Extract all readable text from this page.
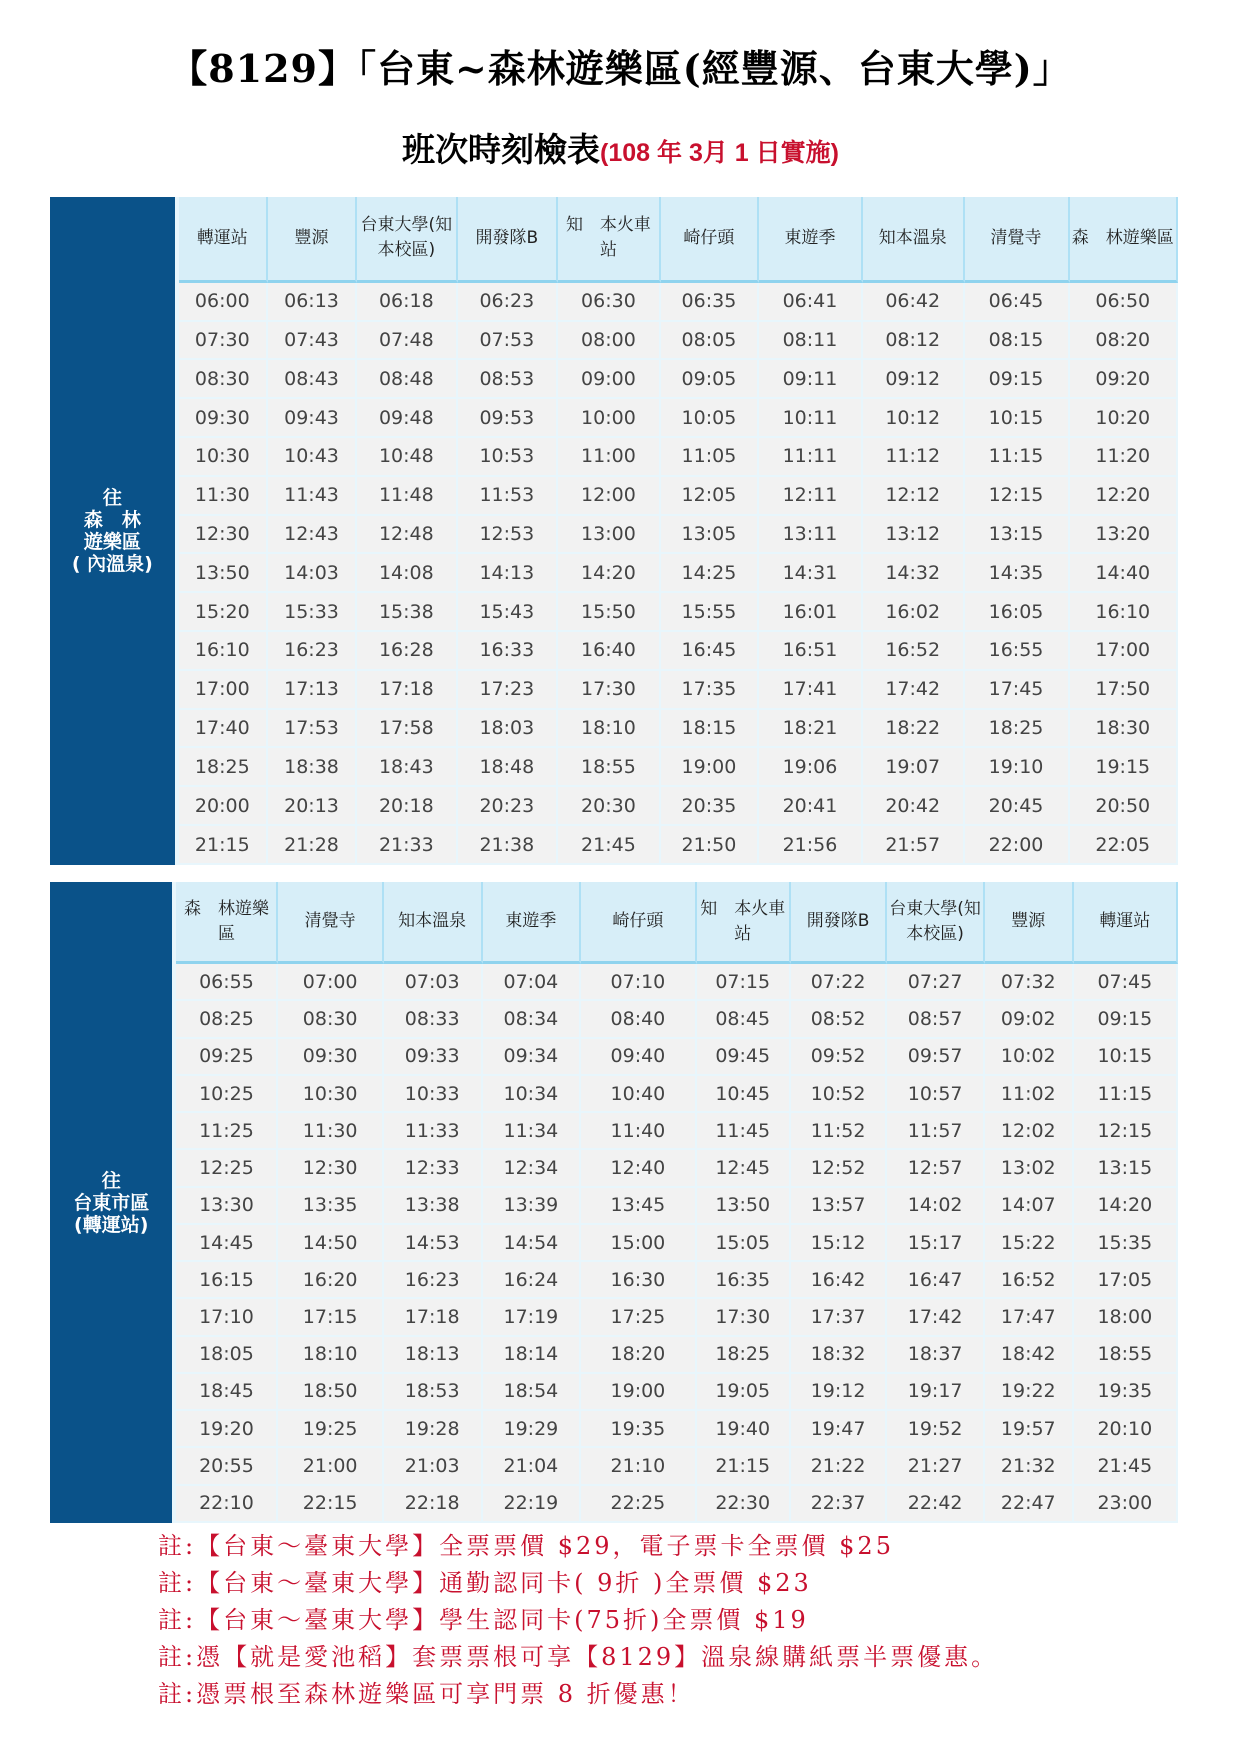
【8129】「台東~森林遊樂區(經豐源、台東大學)」
班次時刻檢表(108 年 3月 1 日實施)
往
森　林
遊樂區
( 內溫泉)	轉運站	豐源	台東大學(知本校區)	開發隊B	知　本火車站	崎仔頭	東遊季	知本溫泉	清覺寺	森　林遊樂區
	06:00	06:13	06:18	06:23	06:30	06:35	06:41	06:42	06:45	06:50
	07:30	07:43	07:48	07:53	08:00	08:05	08:11	08:12	08:15	08:20
	08:30	08:43	08:48	08:53	09:00	09:05	09:11	09:12	09:15	09:20
	09:30	09:43	09:48	09:53	10:00	10:05	10:11	10:12	10:15	10:20
	10:30	10:43	10:48	10:53	11:00	11:05	11:11	11:12	11:15	11:20
	11:30	11:43	11:48	11:53	12:00	12:05	12:11	12:12	12:15	12:20
	12:30	12:43	12:48	12:53	13:00	13:05	13:11	13:12	13:15	13:20
	13:50	14:03	14:08	14:13	14:20	14:25	14:31	14:32	14:35	14:40
	15:20	15:33	15:38	15:43	15:50	15:55	16:01	16:02	16:05	16:10
	16:10	16:23	16:28	16:33	16:40	16:45	16:51	16:52	16:55	17:00
	17:00	17:13	17:18	17:23	17:30	17:35	17:41	17:42	17:45	17:50
	17:40	17:53	17:58	18:03	18:10	18:15	18:21	18:22	18:25	18:30
	18:25	18:38	18:43	18:48	18:55	19:00	19:06	19:07	19:10	19:15
	20:00	20:13	20:18	20:23	20:30	20:35	20:41	20:42	20:45	20:50
	21:15	21:28	21:33	21:38	21:45	21:50	21:56	21:57	22:00	22:05
往
台東市區
(轉運站)	森　林遊樂區	清覺寺	知本溫泉	東遊季	崎仔頭	知　本火車站	開發隊B	台東大學(知本校區)	豐源	轉運站
	06:55	07:00	07:03	07:04	07:10	07:15	07:22	07:27	07:32	07:45
	08:25	08:30	08:33	08:34	08:40	08:45	08:52	08:57	09:02	09:15
	09:25	09:30	09:33	09:34	09:40	09:45	09:52	09:57	10:02	10:15
	10:25	10:30	10:33	10:34	10:40	10:45	10:52	10:57	11:02	11:15
	11:25	11:30	11:33	11:34	11:40	11:45	11:52	11:57	12:02	12:15
	12:25	12:30	12:33	12:34	12:40	12:45	12:52	12:57	13:02	13:15
	13:30	13:35	13:38	13:39	13:45	13:50	13:57	14:02	14:07	14:20
	14:45	14:50	14:53	14:54	15:00	15:05	15:12	15:17	15:22	15:35
	16:15	16:20	16:23	16:24	16:30	16:35	16:42	16:47	16:52	17:05
	17:10	17:15	17:18	17:19	17:25	17:30	17:37	17:42	17:47	18:00
	18:05	18:10	18:13	18:14	18:20	18:25	18:32	18:37	18:42	18:55
	18:45	18:50	18:53	18:54	19:00	19:05	19:12	19:17	19:22	19:35
	19:20	19:25	19:28	19:29	19:35	19:40	19:47	19:52	19:57	20:10
	20:55	21:00	21:03	21:04	21:10	21:15	21:22	21:27	21:32	21:45
	22:10	22:15	22:18	22:19	22:25	22:30	22:37	22:42	22:47	23:00
註:【台東～臺東大學】全票票價 $29，電子票卡全票價 $25
註:【台東～臺東大學】通勤認同卡( 9折 )全票價 $23
註:【台東～臺東大學】學生認同卡(75折)全票價 $19
註:憑【就是愛池稻】套票票根可享【8129】溫泉線購紙票半票優惠。
註:憑票根至森林遊樂區可享門票 8 折優惠！
